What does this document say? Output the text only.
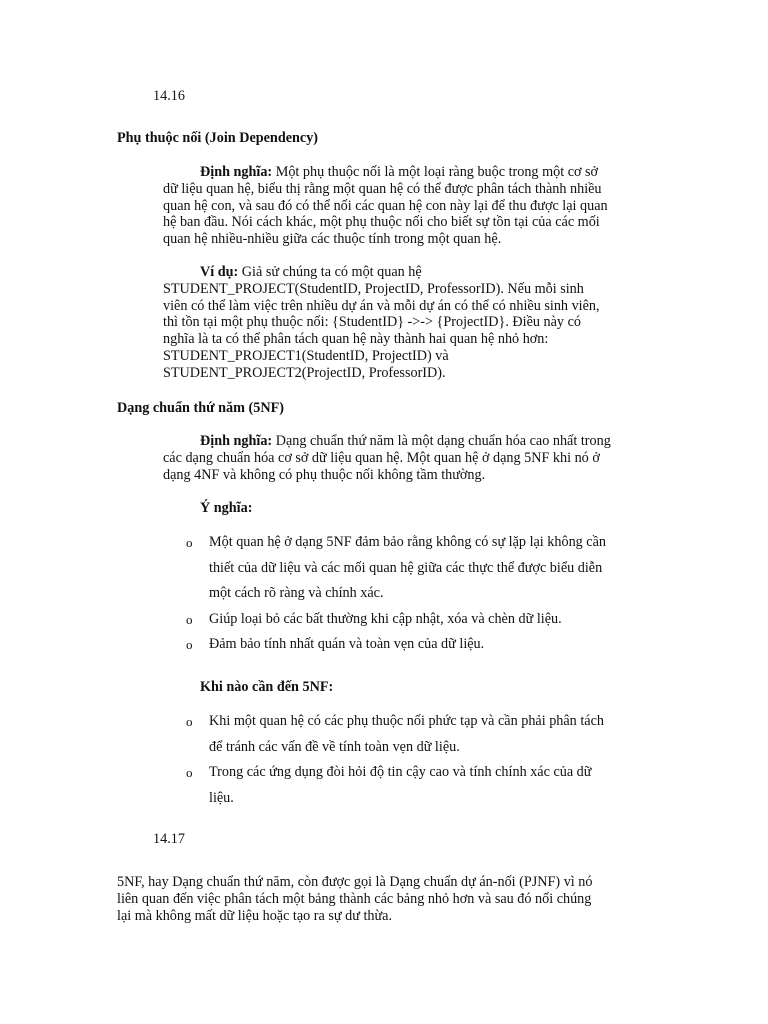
14.16
Phụ thuộc nối (Join Dependency)
Định nghĩa: Một phụ thuộc nối là một loại ràng buộc trong một cơ sở
dữ liệu quan hệ, biểu thị rằng một quan hệ có thể được phân tách thành nhiều
quan hệ con, và sau đó có thể nối các quan hệ con này lại để thu được lại quan
hệ ban đầu. Nói cách khác, một phụ thuộc nối cho biết sự tồn tại của các mối
quan hệ nhiều-nhiều giữa các thuộc tính trong một quan hệ.
Ví dụ: Giả sử chúng ta có một quan hệ
STUDENT_PROJECT(StudentID, ProjectID, ProfessorID). Nếu mỗi sinh
viên có thể làm việc trên nhiều dự án và mỗi dự án có thể có nhiều sinh viên,
thì tồn tại một phụ thuộc nối: {StudentID} ->-> {ProjectID}. Điều này có
nghĩa là ta có thể phân tách quan hệ này thành hai quan hệ nhỏ hơn:
STUDENT_PROJECT1(StudentID, ProjectID) và
STUDENT_PROJECT2(ProjectID, ProfessorID).
Dạng chuẩn thứ năm (5NF)
Định nghĩa: Dạng chuẩn thứ năm là một dạng chuẩn hóa cao nhất trong
các dạng chuẩn hóa cơ sở dữ liệu quan hệ. Một quan hệ ở dạng 5NF khi nó ở
dạng 4NF và không có phụ thuộc nối không tầm thường.
Ý nghĩa:
o Một quan hệ ở dạng 5NF đảm bảo rằng không có sự lặp lại không cần
thiết của dữ liệu và các mối quan hệ giữa các thực thể được biểu diễn
một cách rõ ràng và chính xác.
o Giúp loại bỏ các bất thường khi cập nhật, xóa và chèn dữ liệu.
o Đảm bảo tính nhất quán và toàn vẹn của dữ liệu.
Khi nào cần đến 5NF:
o Khi một quan hệ có các phụ thuộc nối phức tạp và cần phải phân tách
để tránh các vấn đề về tính toàn vẹn dữ liệu.
o Trong các ứng dụng đòi hỏi độ tin cậy cao và tính chính xác của dữ
liệu.
14.17
5NF, hay Dạng chuẩn thứ năm, còn được gọi là Dạng chuẩn dự án-nối (PJNF) vì nó
liên quan đến việc phân tách một bảng thành các bảng nhỏ hơn và sau đó nối chúng
lại mà không mất dữ liệu hoặc tạo ra sự dư thừa.
